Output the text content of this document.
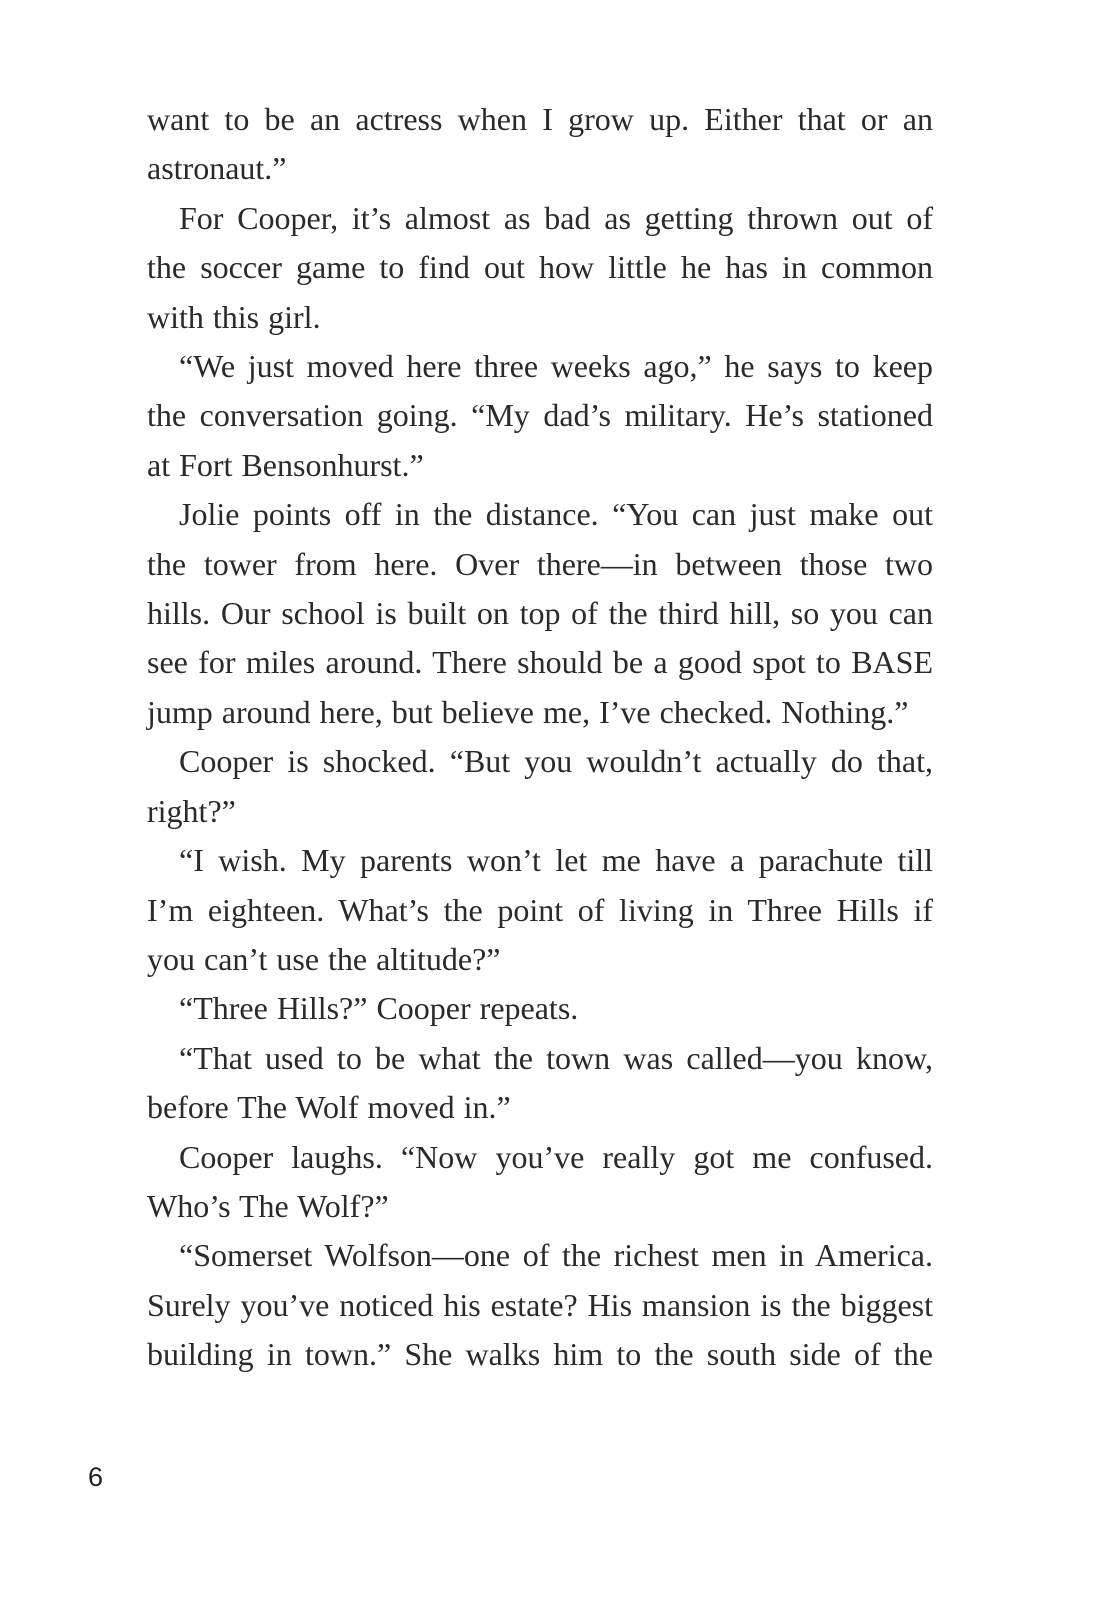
want to be an actress when I grow up. Either that or an astronaut.”

For Cooper, it’s almost as bad as getting thrown out of the soccer game to find out how little he has in common with this girl.

“We just moved here three weeks ago,” he says to keep the conversation going. “My dad’s military. He’s stationed at Fort Bensonhurst.”

Jolie points off in the distance. “You can just make out the tower from here. Over there—in between those two hills. Our school is built on top of the third hill, so you can see for miles around. There should be a good spot to BASE jump around here, but believe me, I’ve checked. Nothing.”

Cooper is shocked. “But you wouldn’t actually do that, right?”

“I wish. My parents won’t let me have a parachute till I’m eighteen. What’s the point of living in Three Hills if you can’t use the altitude?”

“Three Hills?” Cooper repeats.

“That used to be what the town was called—you know, before The Wolf moved in.”

Cooper laughs. “Now you’ve really got me confused. Who’s The Wolf?”

“Somerset Wolfson—one of the richest men in America. Surely you’ve noticed his estate? His mansion is the biggest building in town.” She walks him to the south side of the

6
